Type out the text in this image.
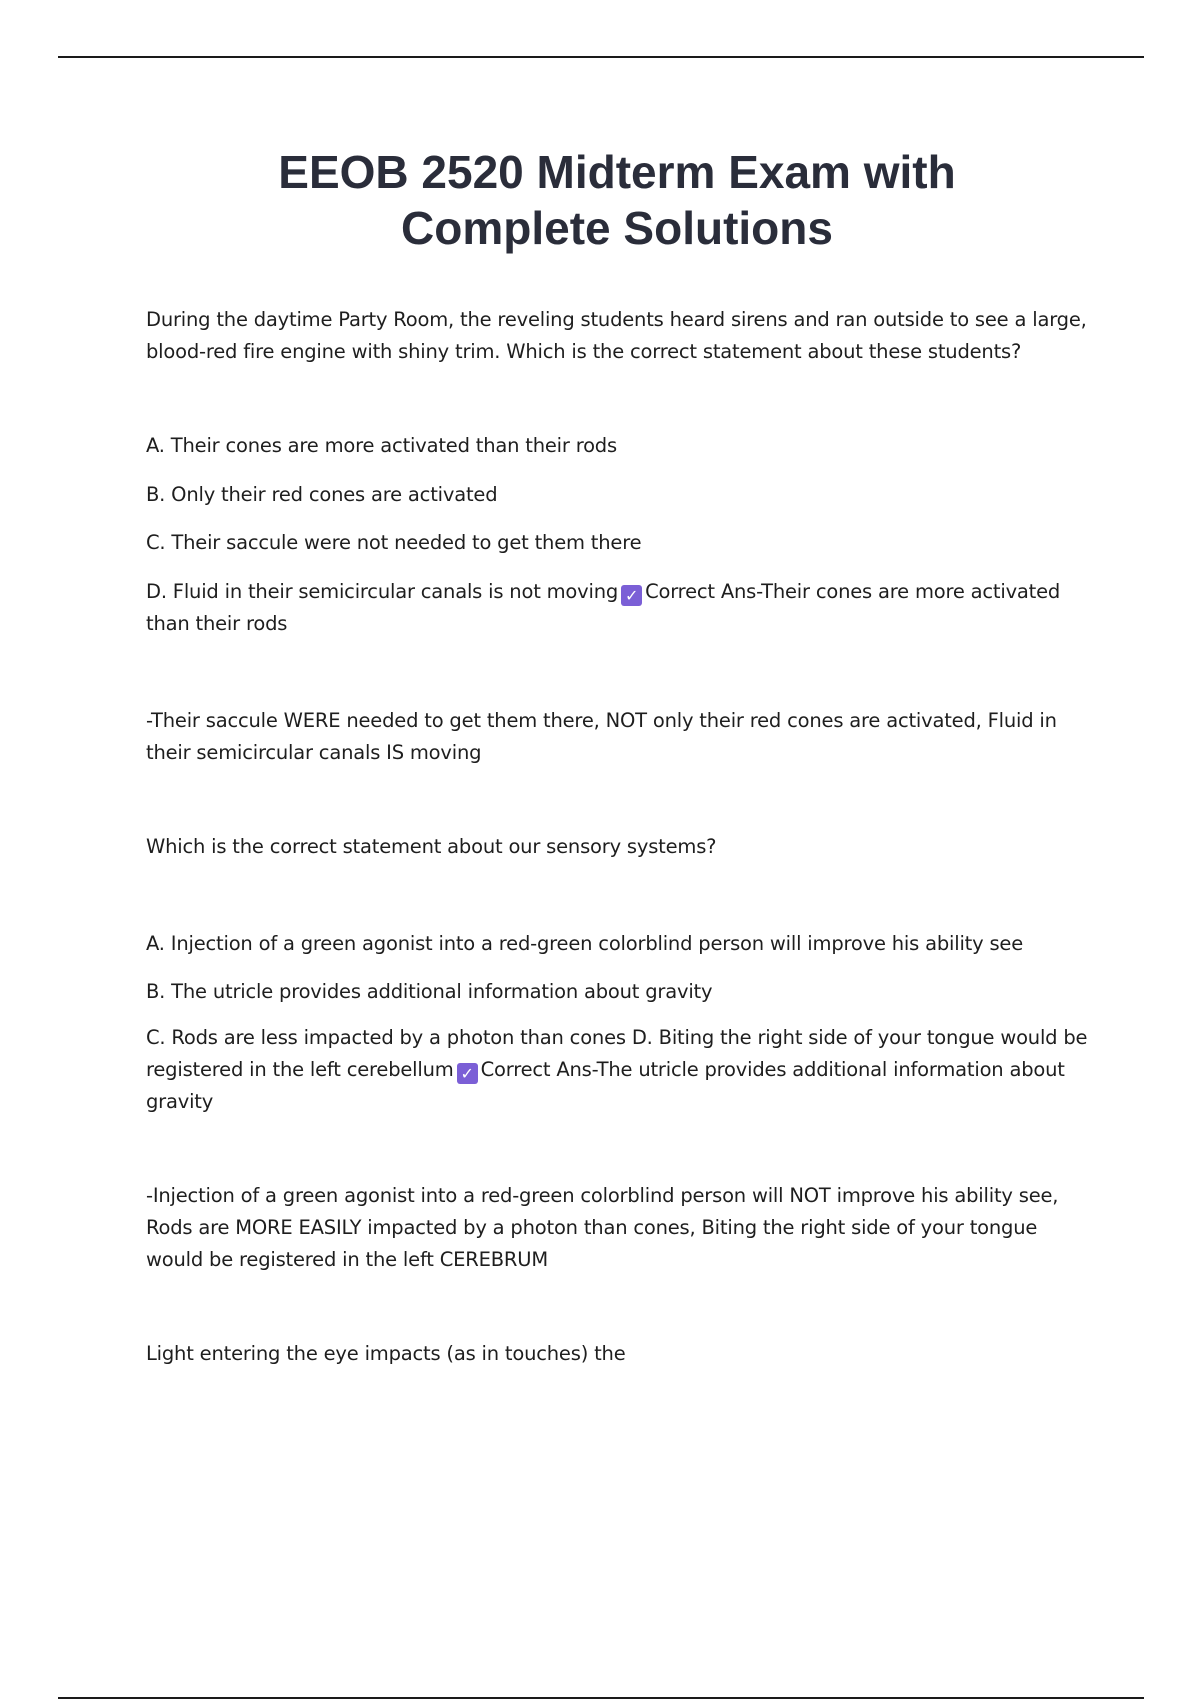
EEOB 2520 Midterm Exam with
Complete Solutions

During the daytime Party Room, the reveling students heard sirens and ran outside to see a large, blood-red fire engine with shiny trim. Which is the correct statement about these students?

A. Their cones are more activated than their rods

B. Only their red cones are activated

C. Their saccule were not needed to get them there

D. Fluid in their semicircular canals is not moving ✓ Correct Ans-Their cones are more activated than their rods

-Their saccule WERE needed to get them there, NOT only their red cones are activated, Fluid in their semicircular canals IS moving

Which is the correct statement about our sensory systems?

A. Injection of a green agonist into a red-green colorblind person will improve his ability see

B. The utricle provides additional information about gravity

C. Rods are less impacted by a photon than cones D. Biting the right side of your tongue would be registered in the left cerebellum ✓ Correct Ans-The utricle provides additional information about gravity

-Injection of a green agonist into a red-green colorblind person will NOT improve his ability see, Rods are MORE EASILY impacted by a photon than cones, Biting the right side of your tongue would be registered in the left CEREBRUM

Light entering the eye impacts (as in touches) the
